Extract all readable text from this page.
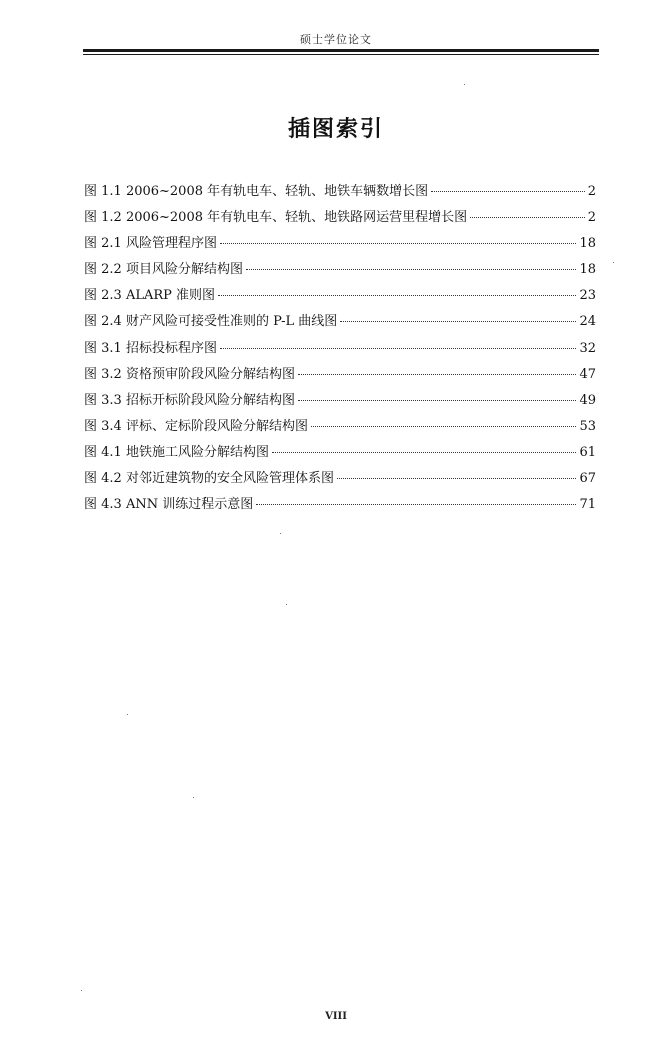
硕士学位论文
插图索引
图 1.1 2006~2008 年有轨电车、轻轨、地铁车辆数增长图	2
图 1.2 2006~2008 年有轨电车、轻轨、地铁路网运营里程增长图	2
图 2.1 风险管理程序图	18
图 2.2 项目风险分解结构图	18
图 2.3 ALARP 准则图	23
图 2.4 财产风险可接受性准则的 P-L 曲线图	24
图 3.1 招标投标程序图	32
图 3.2 资格预审阶段风险分解结构图	47
图 3.3 招标开标阶段风险分解结构图	49
图 3.4 评标、定标阶段风险分解结构图	53
图 4.1 地铁施工风险分解结构图	61
图 4.2 对邻近建筑物的安全风险管理体系图	67
图 4.3 ANN 训练过程示意图	71
VIII
